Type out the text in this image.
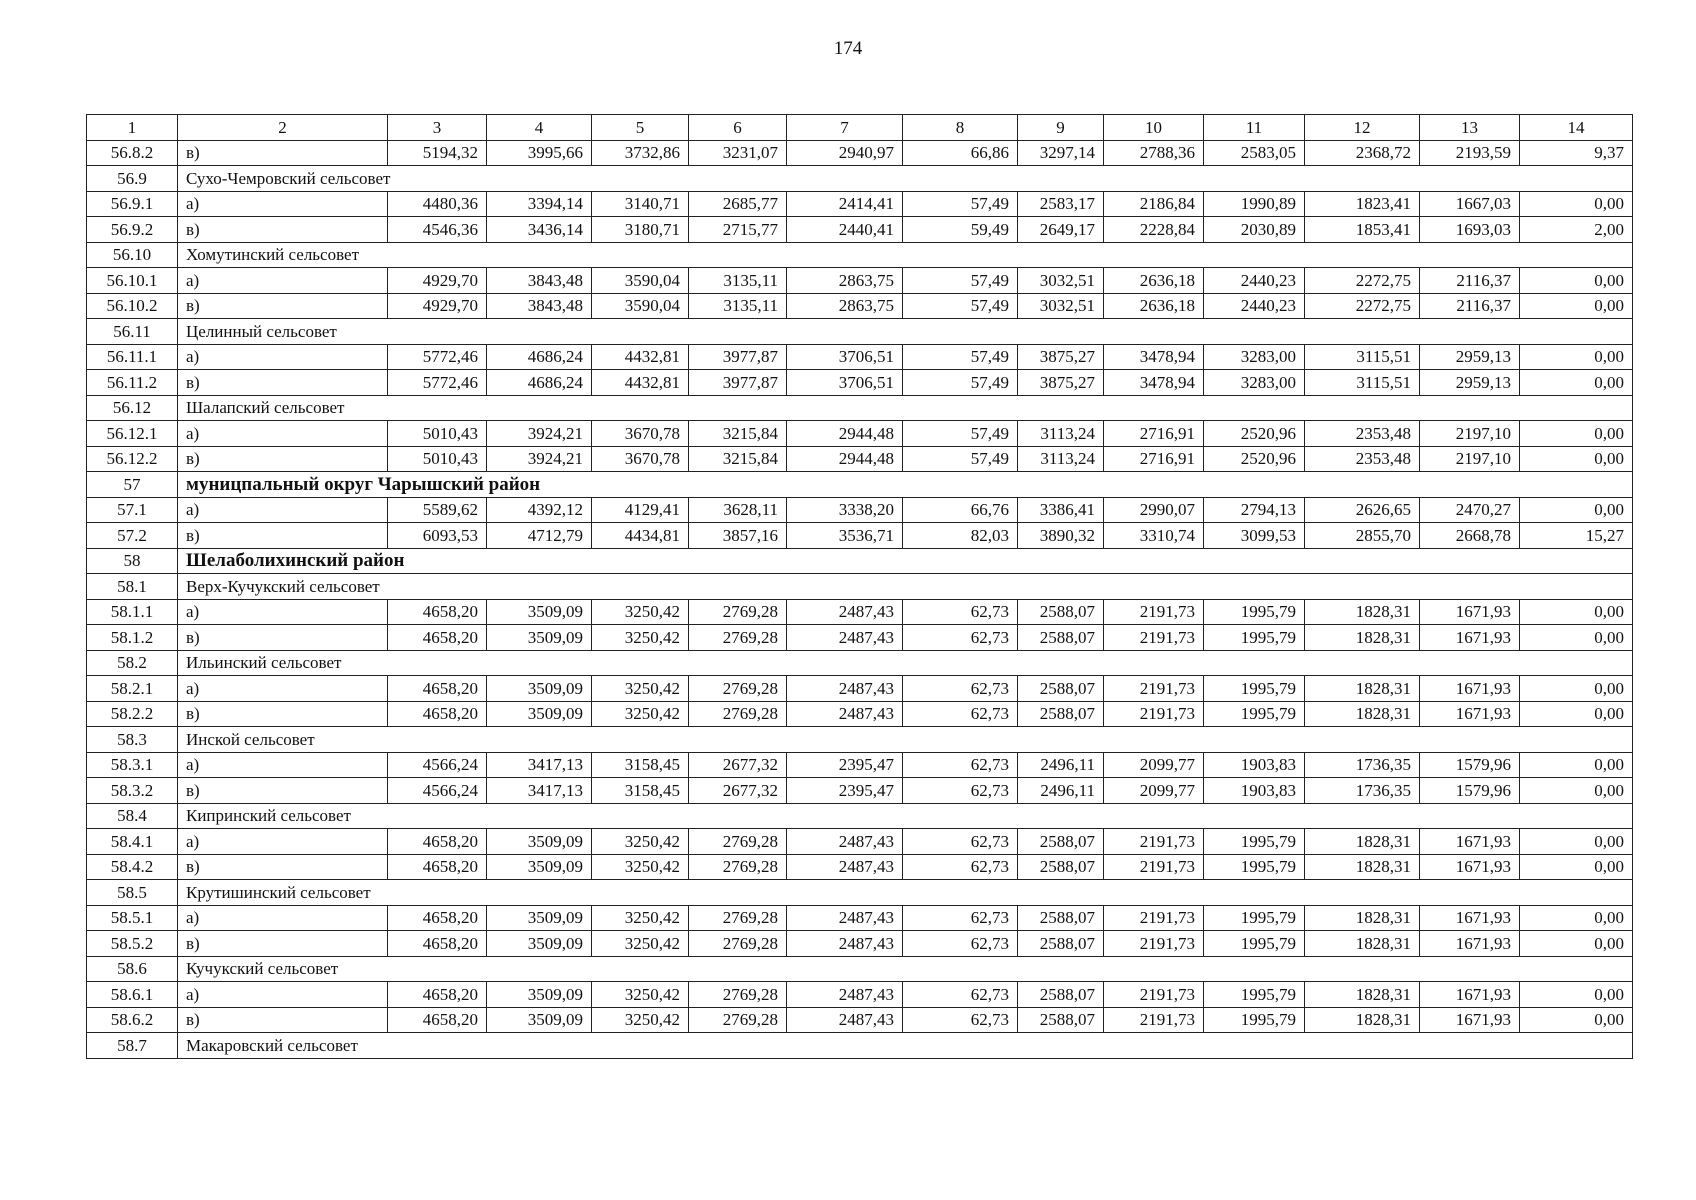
174
1	2	3	4	5	6	7	8	9	10	11	12	13	14
56.8.2	в)	5194,32	3995,66	3732,86	3231,07	2940,97	66,86	3297,14	2788,36	2583,05	2368,72	2193,59	9,37
56.9	Сухо-Чемровский сельсовет												
56.9.1	а)	4480,36	3394,14	3140,71	2685,77	2414,41	57,49	2583,17	2186,84	1990,89	1823,41	1667,03	0,00
56.9.2	в)	4546,36	3436,14	3180,71	2715,77	2440,41	59,49	2649,17	2228,84	2030,89	1853,41	1693,03	2,00
56.10	Хомутинский сельсовет												
56.10.1	а)	4929,70	3843,48	3590,04	3135,11	2863,75	57,49	3032,51	2636,18	2440,23	2272,75	2116,37	0,00
56.10.2	в)	4929,70	3843,48	3590,04	3135,11	2863,75	57,49	3032,51	2636,18	2440,23	2272,75	2116,37	0,00
56.11	Целинный сельсовет												
56.11.1	а)	5772,46	4686,24	4432,81	3977,87	3706,51	57,49	3875,27	3478,94	3283,00	3115,51	2959,13	0,00
56.11.2	в)	5772,46	4686,24	4432,81	3977,87	3706,51	57,49	3875,27	3478,94	3283,00	3115,51	2959,13	0,00
56.12	Шалапский сельсовет												
56.12.1	а)	5010,43	3924,21	3670,78	3215,84	2944,48	57,49	3113,24	2716,91	2520,96	2353,48	2197,10	0,00
56.12.2	в)	5010,43	3924,21	3670,78	3215,84	2944,48	57,49	3113,24	2716,91	2520,96	2353,48	2197,10	0,00
57	муницпальный округ Чарышский район												
57.1	а)	5589,62	4392,12	4129,41	3628,11	3338,20	66,76	3386,41	2990,07	2794,13	2626,65	2470,27	0,00
57.2	в)	6093,53	4712,79	4434,81	3857,16	3536,71	82,03	3890,32	3310,74	3099,53	2855,70	2668,78	15,27
58	Шелаболихинский район												
58.1	Верх-Кучукский сельсовет												
58.1.1	а)	4658,20	3509,09	3250,42	2769,28	2487,43	62,73	2588,07	2191,73	1995,79	1828,31	1671,93	0,00
58.1.2	в)	4658,20	3509,09	3250,42	2769,28	2487,43	62,73	2588,07	2191,73	1995,79	1828,31	1671,93	0,00
58.2	Ильинский сельсовет												
58.2.1	а)	4658,20	3509,09	3250,42	2769,28	2487,43	62,73	2588,07	2191,73	1995,79	1828,31	1671,93	0,00
58.2.2	в)	4658,20	3509,09	3250,42	2769,28	2487,43	62,73	2588,07	2191,73	1995,79	1828,31	1671,93	0,00
58.3	Инской сельсовет												
58.3.1	а)	4566,24	3417,13	3158,45	2677,32	2395,47	62,73	2496,11	2099,77	1903,83	1736,35	1579,96	0,00
58.3.2	в)	4566,24	3417,13	3158,45	2677,32	2395,47	62,73	2496,11	2099,77	1903,83	1736,35	1579,96	0,00
58.4	Кипринский сельсовет												
58.4.1	а)	4658,20	3509,09	3250,42	2769,28	2487,43	62,73	2588,07	2191,73	1995,79	1828,31	1671,93	0,00
58.4.2	в)	4658,20	3509,09	3250,42	2769,28	2487,43	62,73	2588,07	2191,73	1995,79	1828,31	1671,93	0,00
58.5	Крутишинский сельсовет												
58.5.1	а)	4658,20	3509,09	3250,42	2769,28	2487,43	62,73	2588,07	2191,73	1995,79	1828,31	1671,93	0,00
58.5.2	в)	4658,20	3509,09	3250,42	2769,28	2487,43	62,73	2588,07	2191,73	1995,79	1828,31	1671,93	0,00
58.6	Кучукский сельсовет												
58.6.1	а)	4658,20	3509,09	3250,42	2769,28	2487,43	62,73	2588,07	2191,73	1995,79	1828,31	1671,93	0,00
58.6.2	в)	4658,20	3509,09	3250,42	2769,28	2487,43	62,73	2588,07	2191,73	1995,79	1828,31	1671,93	0,00
58.7	Макаровский сельсовет												
